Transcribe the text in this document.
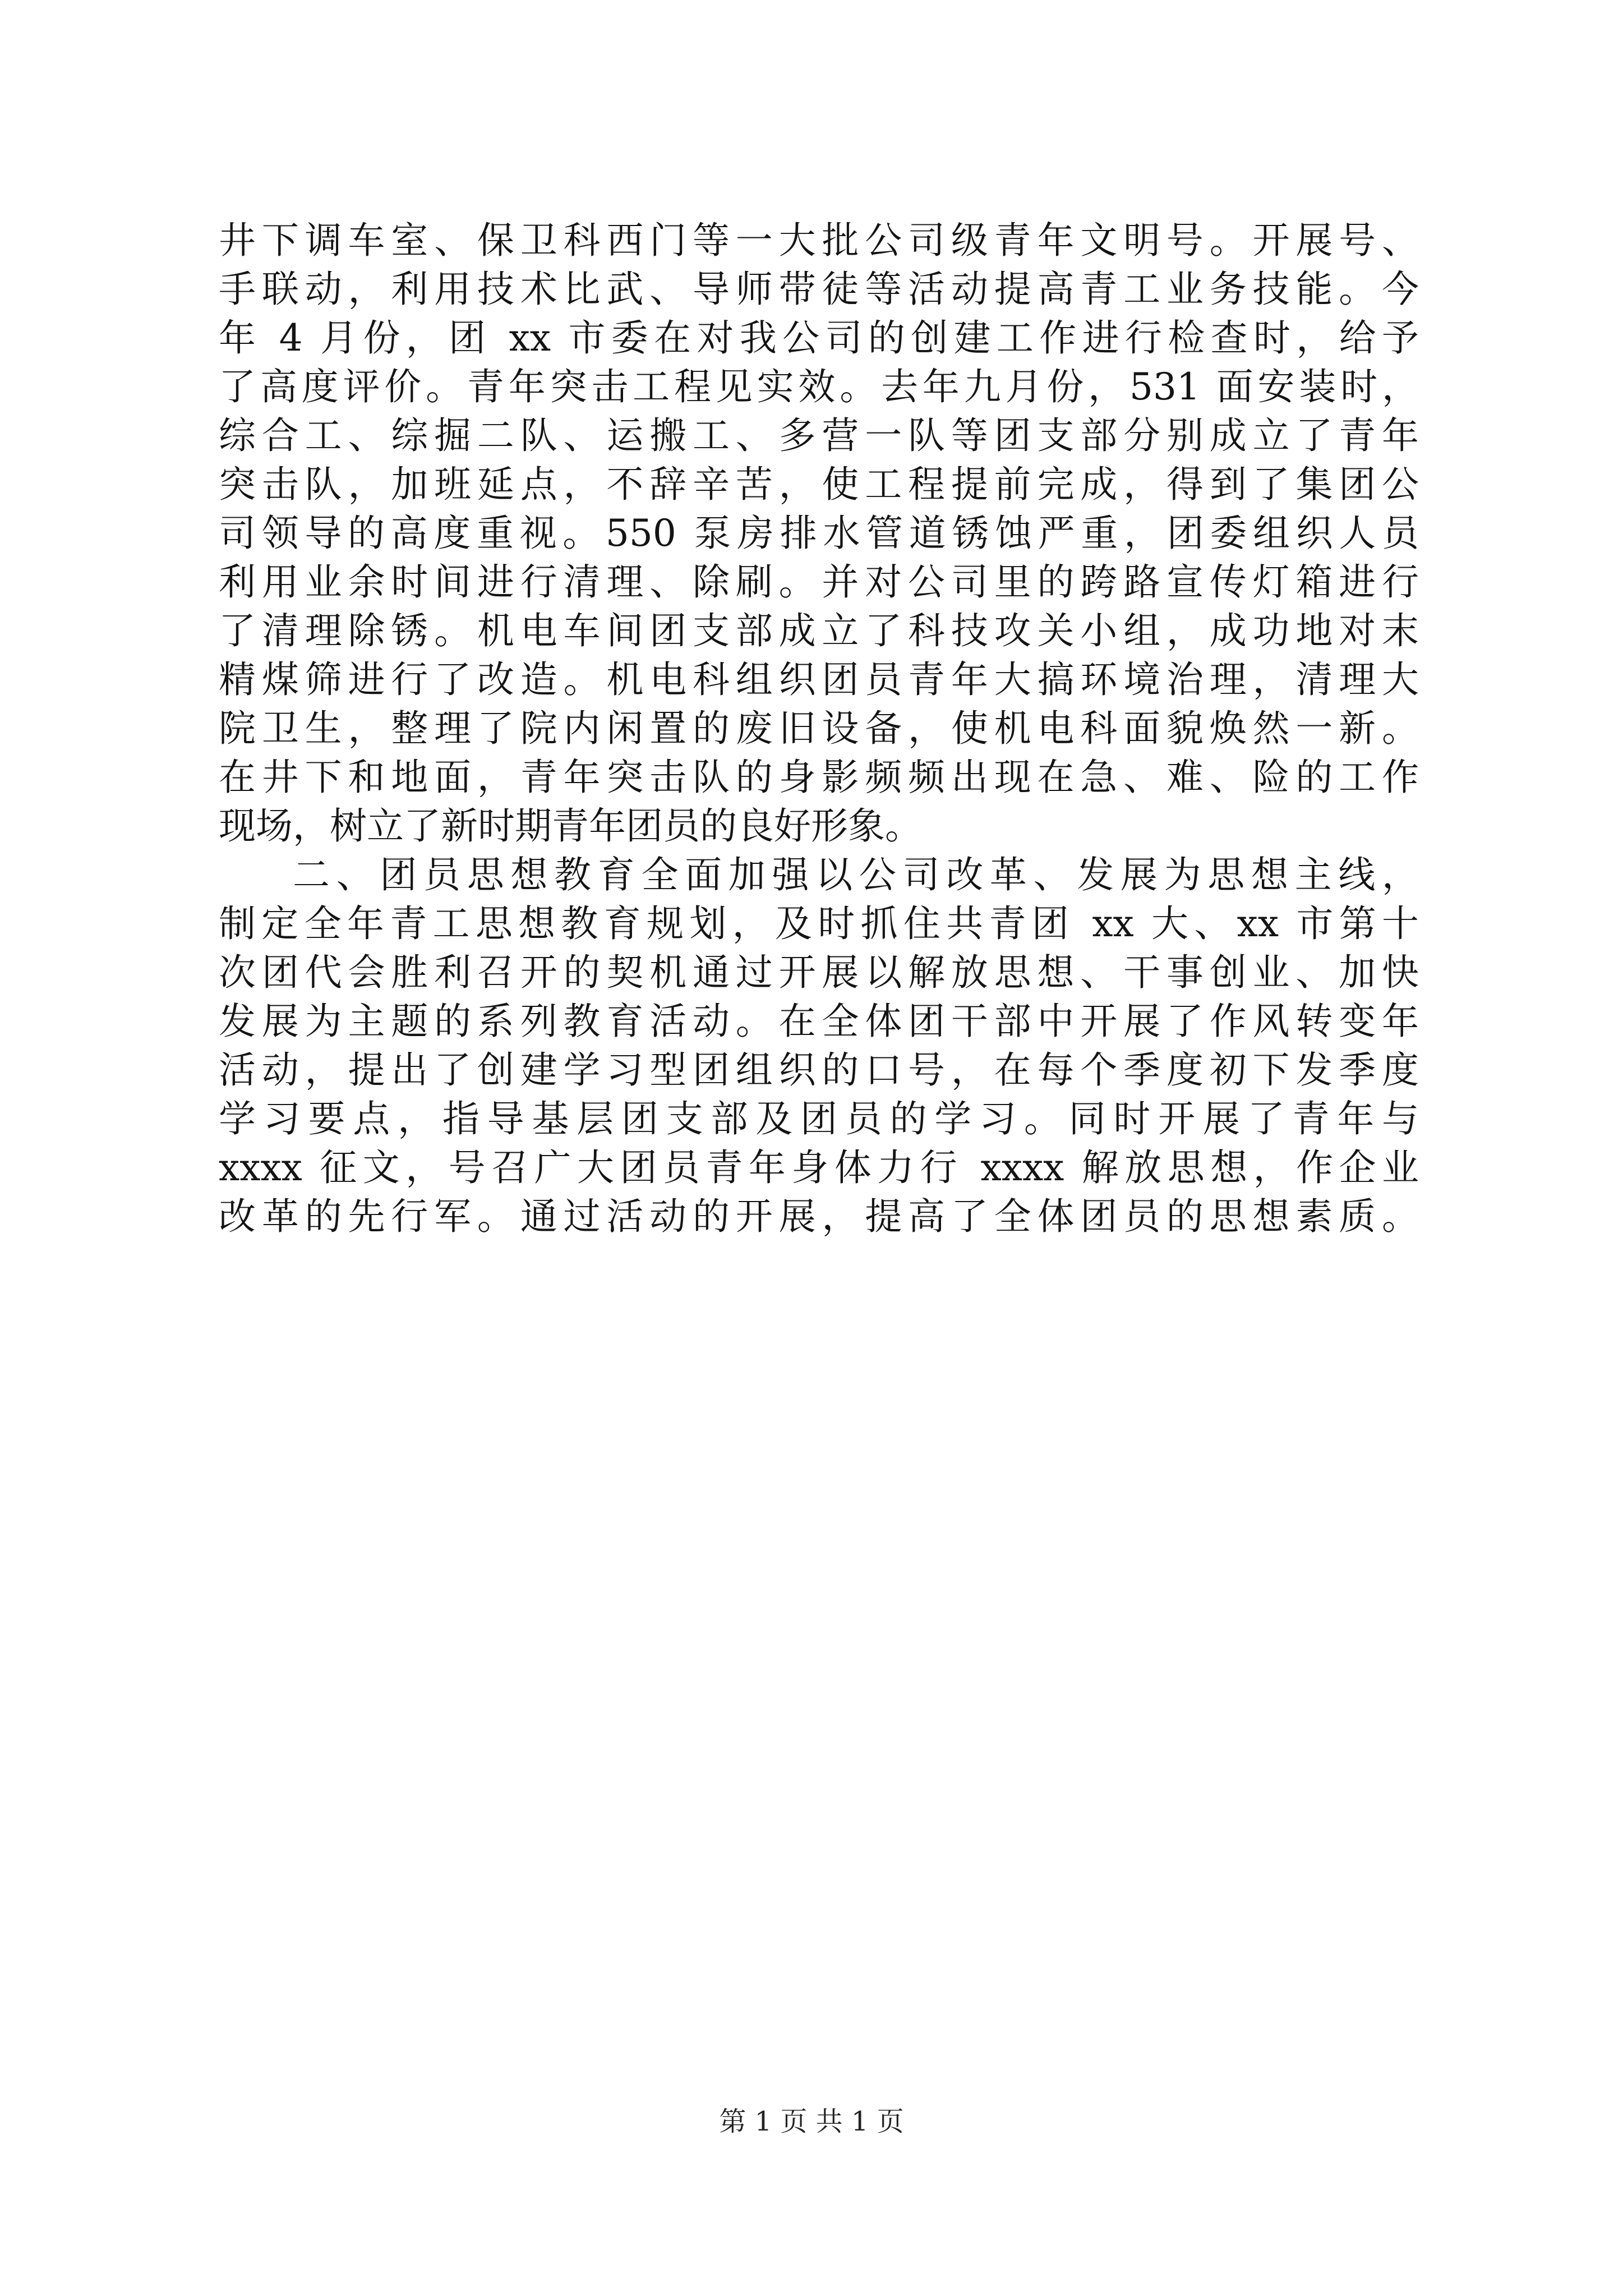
井下调车室、保卫科西门等一大批公司级青年文明号。开展号、
手联动，利用技术比武、导师带徒等活动提高青工业务技能。今
年 4 月份，团 xx 市委在对我公司的创建工作进行检查时，给予
了高度评价。青年突击工程见实效。去年九月份，531 面安装时，
综合工、综掘二队、运搬工、多营一队等团支部分别成立了青年
突击队，加班延点，不辞辛苦，使工程提前完成，得到了集团公
司领导的高度重视。550 泵房排水管道锈蚀严重，团委组织人员
利用业余时间进行清理、除刷。并对公司里的跨路宣传灯箱进行
了清理除锈。机电车间团支部成立了科技攻关小组，成功地对末
精煤筛进行了改造。机电科组织团员青年大搞环境治理，清理大
院卫生，整理了院内闲置的废旧设备，使机电科面貌焕然一新。
在井下和地面，青年突击队的身影频频出现在急、难、险的工作
现场，树立了新时期青年团员的良好形象。
二、团员思想教育全面加强以公司改革、发展为思想主线，
制定全年青工思想教育规划，及时抓住共青团 xx 大、xx 市第十
次团代会胜利召开的契机通过开展以解放思想、干事创业、加快
发展为主题的系列教育活动。在全体团干部中开展了作风转变年
活动，提出了创建学习型团组织的口号，在每个季度初下发季度
学习要点，指导基层团支部及团员的学习。同时开展了青年与
xxxx 征文，号召广大团员青年身体力行 xxxx 解放思想，作企业
改革的先行军。通过活动的开展，提高了全体团员的思想素质。
第 1 页 共 1 页
